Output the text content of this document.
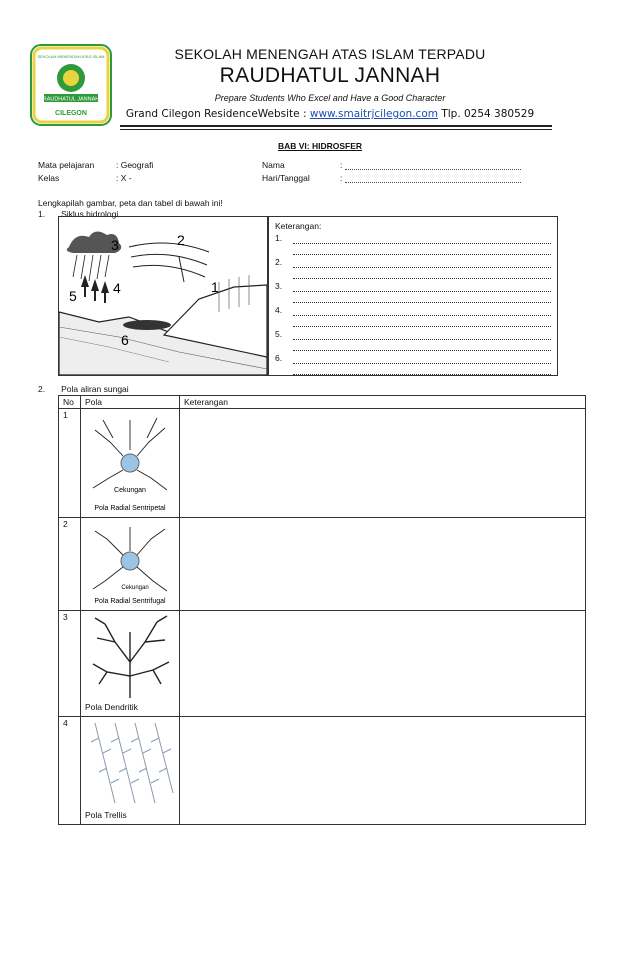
RAUDHATUL JANNAH
CILEGON
SEKOLAH MENENGAH ATAS ISLAM	SEKOLAH MENENGAH ATAS ISLAM TERPADU
RAUDHATUL JANNAH
Prepare Students Who Excel and Have a Good Character
Grand Cilegon ResidenceWebsite : www.smaitrjcilegon.com Tlp. 0254 380529
BAB VI: HIDROSFER
Mata pelajaran	: Geografi
Kelas	: X -
Nama	:
Hari/Tanggal	:
Lengkapilah gambar, peta dan tabel di bawah ini!
1. Siklus hidrologi
1
2
3
4
5
6
Keterangan:
1.
2.
3.
4.
5.
6.
2. Pola aliran sungai
No	Pola	Keterangan
1	Cekungan
Pola Radial Sentripetal	

2	Cekungan
Pola Radial Sentrifugal	

3	Pola Dendritik	

4	Pola Trellis	
